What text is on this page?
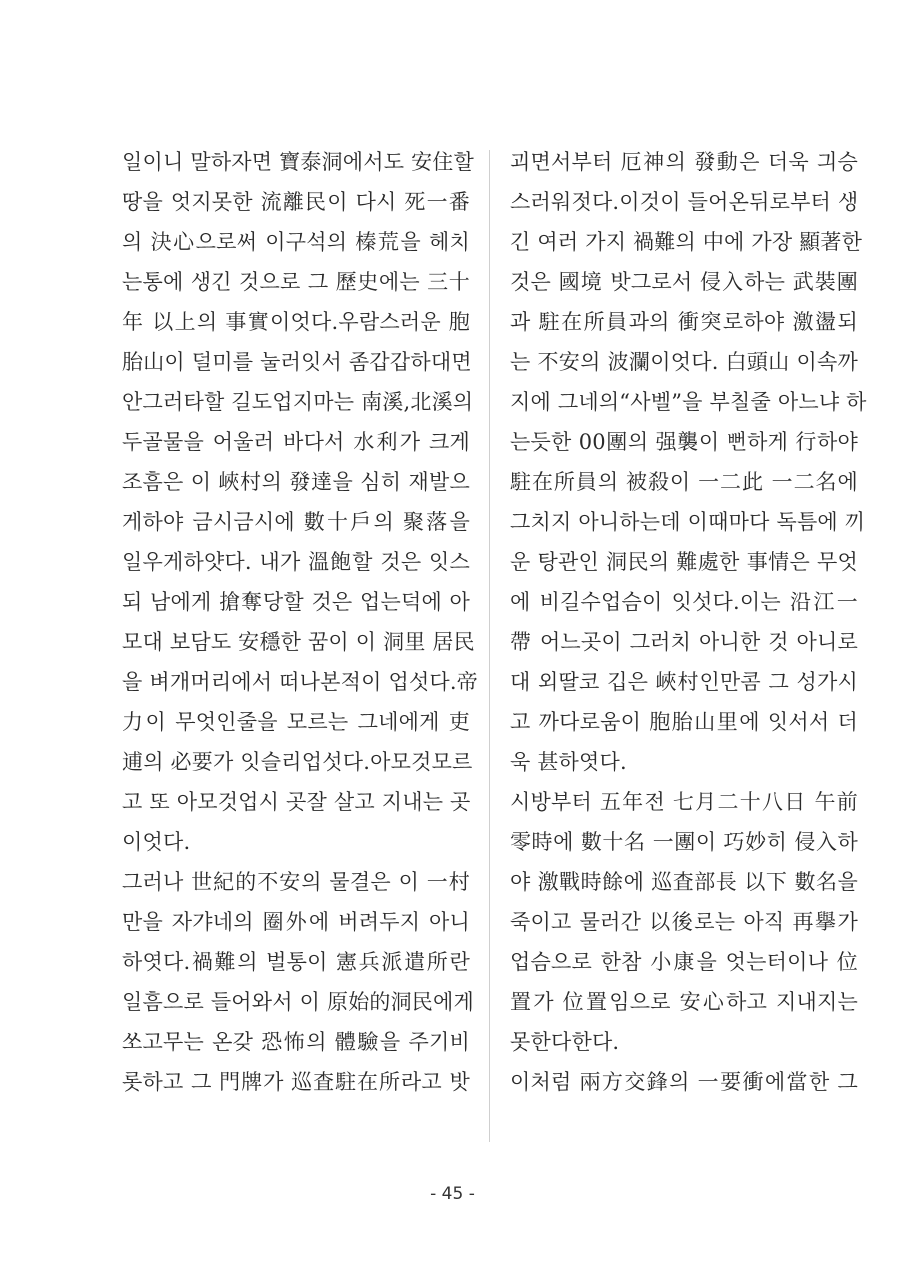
일이니 말하자면 寶泰洞에서도 安住할
땅을 엇지못한 流離民이 다시 死一番
의 決心으로써 이구석의 榛荒을 헤치
는통에 생긴 것으로 그 歷史에는 三十
年 以上의 事實이엇다.우람스러운 胞
胎山이 덜미를 눌러잇서 좀갑갑하대면
안그러타할 길도업지마는 南溪,北溪의
두골물을 어울러 바다서 水利가 크게
조흠은 이 峽村의 發達을 심히 재발으
게하야 금시금시에 數十戶의 聚落을
일우게하얏다. 내가 溫飽할 것은 잇스
되 남에게 搶奪당할 것은 업는덕에 아
모대 보담도 安穩한 꿈이 이 洞里 居民
을 벼개머리에서 떠나본적이 업섯다.帝
力이 무엇인줄을 모르는 그네에게 吏
逋의 必要가 잇슬리업섯다.아모것모르
고 또 아모것업시 곳잘 살고 지내는 곳
이엇다.
그러나 世紀的不安의 물결은 이 一村
만을 자갸네의 圈外에 버려두지 아니
하엿다.禍難의 벌통이 憲兵派遣所란
일흠으로 들어와서 이 原始的洞民에게
쏘고무는 온갖 恐怖의 體驗을 주기비
롯하고 그 門牌가 巡査駐在所라고 밧
괴면서부터 厄神의 發動은 더욱 긔승
스러워젓다.이것이 들어온뒤로부터 생
긴 여러 가지 禍難의 中에 가장 顯著한
것은 國境 밧그로서 侵入하는 武裝團
과 駐在所員과의 衝突로하야 激盪되
는 不安의 波瀾이엇다. 白頭山 이속까
지에 그네의“사벨”을 부칠줄 아느냐 하
는듯한 00團의 强襲이 뻔하게 行하야
駐在所員의 被殺이 一二此 一二名에
그치지 아니하는데 이때마다 독틈에 끼
운 탕관인 洞民의 難處한 事情은 무엇
에 비길수업슴이 잇섯다.이는 沿江一
帶 어느곳이 그러치 아니한 것 아니로
대 외딸코 깁은 峽村인만콤 그 성가시
고 까다로움이 胞胎山里에 잇서서 더
욱 甚하엿다.
시방부터 五年전 七月二十八日 午前
零時에 數十名 一團이 巧妙히 侵入하
야 激戰時餘에 巡査部長 以下 數名을
죽이고 물러간 以後로는 아직 再擧가
업슴으로 한참 小康을 엇는터이나 位
置가 位置임으로 安心하고 지내지는
못한다한다.
이처럼 兩方交鋒의 一要衝에當한 그
- 45 -
